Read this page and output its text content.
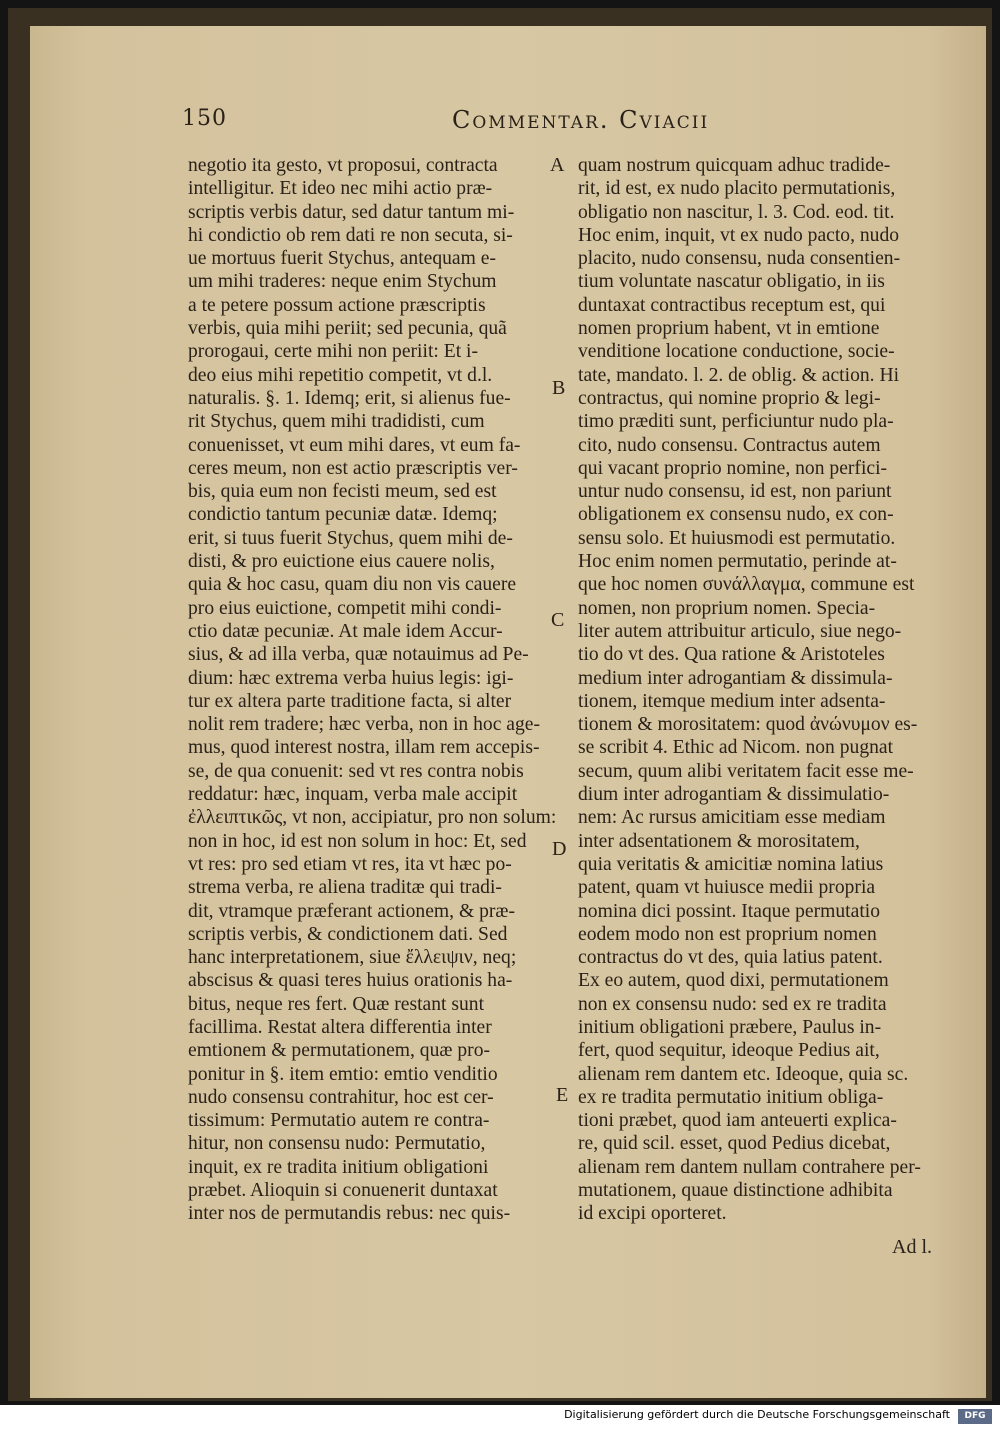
150	Commentar. Cviacii
negotio ita gesto, vt proposui, contracta
intelligitur. Et ideo nec mihi actio præ-
scriptis verbis datur, sed datur tantum mi-
hi condictio ob rem dati re non secuta, si-
ue mortuus fuerit Stychus, antequam e-
um mihi traderes: neque enim Stychum
a te petere possum actione præscriptis
verbis, quia mihi periit; sed pecunia, quã
prorogaui, certe mihi non periit: Et i-
deo eius mihi repetitio competit, vt d.l.
naturalis. §. 1. Idemq; erit, si alienus fue-
rit Stychus, quem mihi tradidisti, cum
conuenisset, vt eum mihi dares, vt eum fa-
ceres meum, non est actio præscriptis ver-
bis, quia eum non fecisti meum, sed est
condictio tantum pecuniæ datæ. Idemq;
erit, si tuus fuerit Stychus, quem mihi de-
disti, & pro euictione eius cauere nolis,
quia & hoc casu, quam diu non vis cauere
pro eius euictione, competit mihi condi-
ctio datæ pecuniæ. At male idem Accur-
sius, & ad illa verba, quæ notauimus ad Pe-
dium: hæc extrema verba huius legis: igi-
tur ex altera parte traditione facta, si alter
nolit rem tradere; hæc verba, non in hoc age-
mus, quod interest nostra, illam rem accepis-
se, de qua conuenit: sed vt res contra nobis
reddatur: hæc, inquam, verba male accipit
ἐλλειπτικῶς, vt non, accipiatur, pro non solum:
non in hoc, id est non solum in hoc: Et, sed
vt res: pro sed etiam vt res, ita vt hæc po-
strema verba, re aliena traditæ qui tradi-
dit, vtramque præferant actionem, & præ-
scriptis verbis, & condictionem dati. Sed
hanc interpretationem, siue ἔλλειψιν, neq;
abscisus & quasi teres huius orationis ha-
bitus, neque res fert. Quæ restant sunt
facillima. Restat altera differentia inter
emtionem & permutationem, quæ pro-
ponitur in §. item emtio: emtio venditio
nudo consensu contrahitur, hoc est cer-
tissimum: Permutatio autem re contra-
hitur, non consensu nudo: Permutatio,
inquit, ex re tradita initium obligationi
præbet. Alioquin si conuenerit duntaxat
inter nos de permutandis rebus: nec quis-
quam nostrum quicquam adhuc tradide-
rit, id est, ex nudo placito permutationis,
obligatio non nascitur, l. 3. Cod. eod. tit.
Hoc enim, inquit, vt ex nudo pacto, nudo
placito, nudo consensu, nuda consentien-
tium voluntate nascatur obligatio, in iis
duntaxat contractibus receptum est, qui
nomen proprium habent, vt in emtione
venditione locatione conductione, socie-
tate, mandato. l. 2. de oblig. & action. Hi
contractus, qui nomine proprio & legi-
timo præditi sunt, perficiuntur nudo pla-
cito, nudo consensu. Contractus autem
qui vacant proprio nomine, non perfici-
untur nudo consensu, id est, non pariunt
obligationem ex consensu nudo, ex con-
sensu solo. Et huiusmodi est permutatio.
Hoc enim nomen permutatio, perinde at-
que hoc nomen συνάλλαγμα, commune est
nomen, non proprium nomen. Specia-
liter autem attribuitur articulo, siue nego-
tio do vt des. Qua ratione & Aristoteles
medium inter adrogantiam & dissimula-
tionem, itemque medium inter adsenta-
tionem & morositatem: quod ἀνώνυμον es-
se scribit 4. Ethic ad Nicom. non pugnat
secum, quum alibi veritatem facit esse me-
dium inter adrogantiam & dissimulatio-
nem: Ac rursus amicitiam esse mediam
inter adsentationem & morositatem,
quia veritatis & amicitiæ nomina latius
patent, quam vt huiusce medii propria
nomina dici possint. Itaque permutatio
eodem modo non est proprium nomen
contractus do vt des, quia latius patent.
Ex eo autem, quod dixi, permutationem
non ex consensu nudo: sed ex re tradita
initium obligationi præbere, Paulus in-
fert, quod sequitur, ideoque Pedius ait,
alienam rem dantem etc. Ideoque, quia sc.
ex re tradita permutatio initium obliga-
tioni præbet, quod iam anteuerti explica-
re, quid scil. esset, quod Pedius dicebat,
alienam rem dantem nullam contrahere per-
mutationem, quaue distinctione adhibita
id excipi oporteret.
A
B
C
D
E
Ad l.
Digitalisierung gefördert durch die Deutsche Forschungsgemeinschaft	DFG
